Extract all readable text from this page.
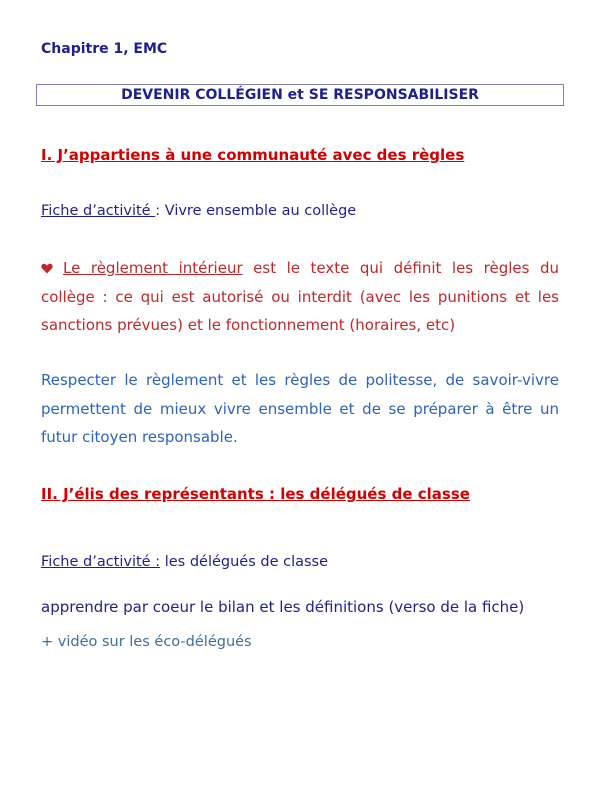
Chapitre 1, EMC

DEVENIR COLLÉGIEN et SE RESPONSABILISER

I. J’appartiens à une communauté avec des règles

Fiche d’activité : Vivre ensemble au collège

Le règlement intérieur est le texte qui définit les règles du collège : ce qui est autorisé ou interdit (avec les punitions et les sanctions prévues) et le fonctionnement (horaires, etc)

Respecter le règlement et les règles de politesse, de savoir-vivre permettent de mieux vivre ensemble et de se préparer à être un futur citoyen responsable.

II. J’élis des représentants : les délégués de classe

Fiche d’activité : les délégués de classe

apprendre par coeur le bilan et les définitions (verso de la fiche)

+ vidéo sur les éco-délégués
